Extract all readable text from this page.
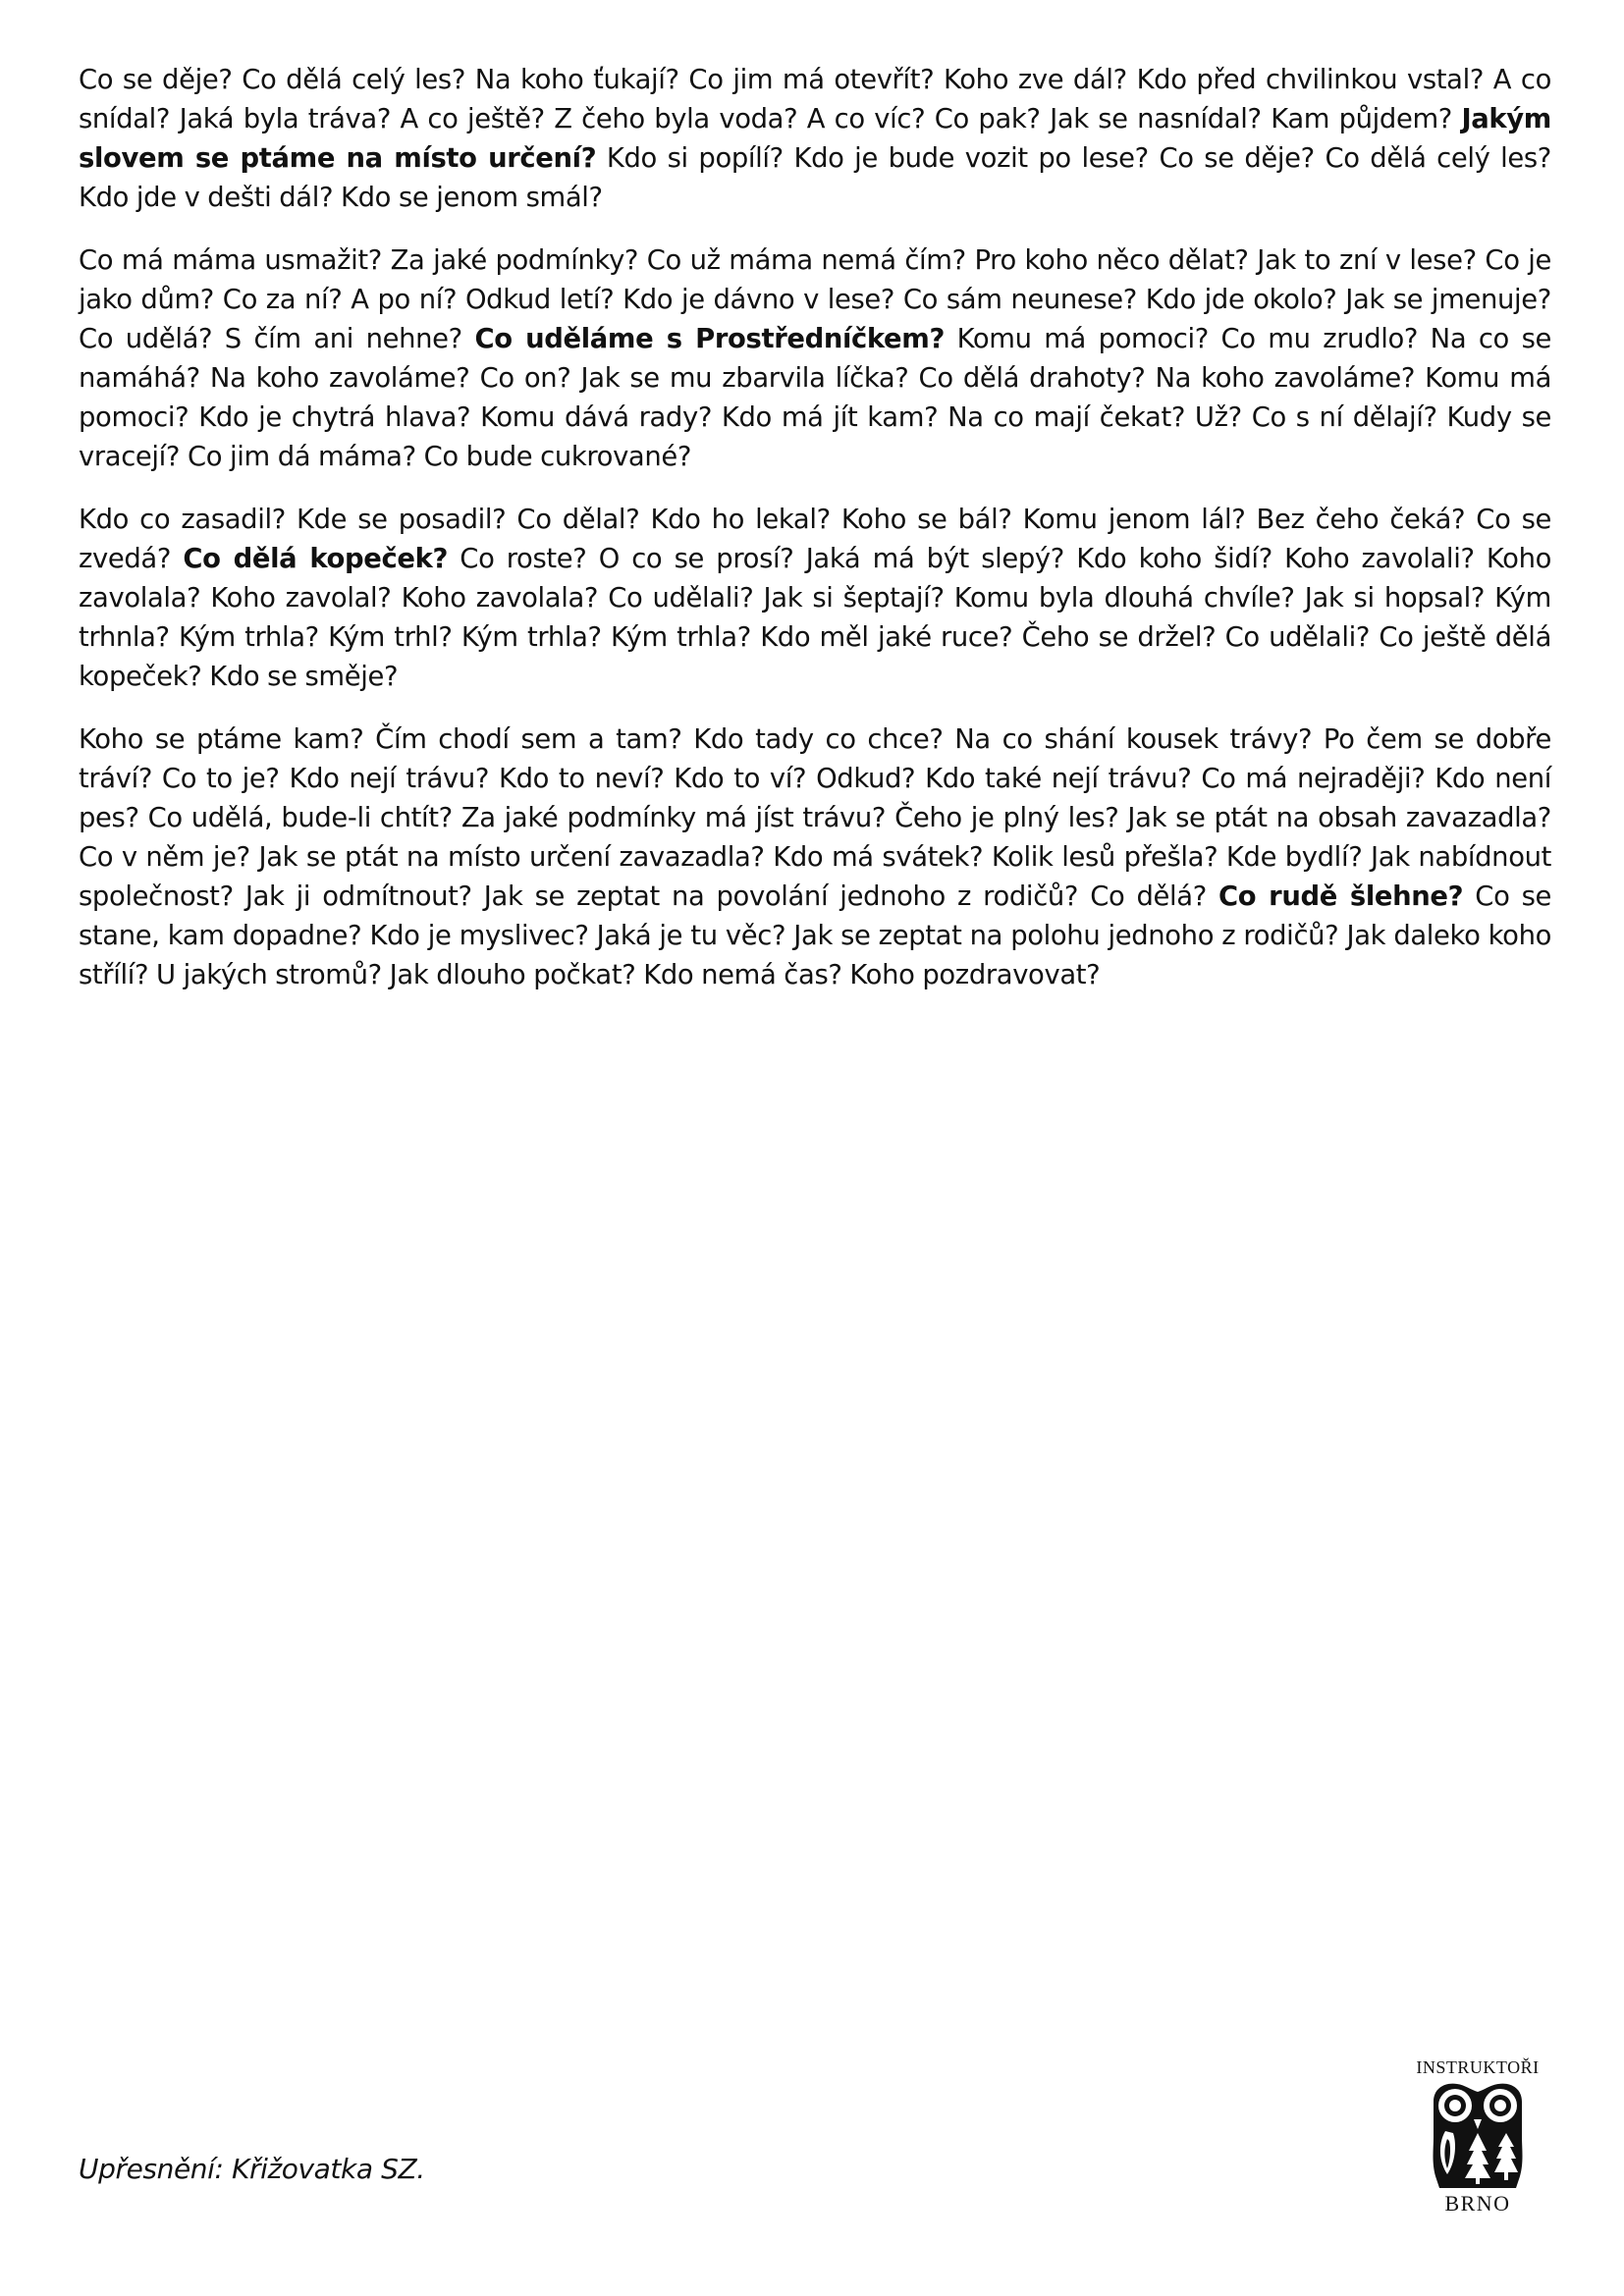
Co se děje? Co dělá celý les? Na koho ťukají? Co jim má otevřít? Koho zve dál? Kdo před chvilinkou vstal? A co snídal? Jaká byla tráva? A co ještě? Z čeho byla voda? A co víc? Co pak? Jak se nasnídal? Kam půjdem? Jakým slovem se ptáme na místo určení? Kdo si popílí? Kdo je bude vozit po lese? Co se děje? Co dělá celý les? Kdo jde v dešti dál? Kdo se jenom smál?

Co má máma usmažit? Za jaké podmínky? Co už máma nemá čím? Pro koho něco dělat? Jak to zní v lese? Co je jako dům? Co za ní? A po ní? Odkud letí? Kdo je dávno v lese? Co sám neunese? Kdo jde okolo? Jak se jmenuje? Co udělá? S čím ani nehne? Co uděláme s Prostředníčkem? Komu má pomoci? Co mu zrudlo? Na co se namáhá? Na koho zavoláme? Co on? Jak se mu zbarvila líčka? Co dělá drahoty? Na koho zavoláme? Komu má pomoci? Kdo je chytrá hlava? Komu dává rady? Kdo má jít kam? Na co mají čekat? Už? Co s ní dělají? Kudy se vracejí? Co jim dá máma? Co bude cukrované?

Kdo co zasadil? Kde se posadil? Co dělal? Kdo ho lekal? Koho se bál? Komu jenom lál? Bez čeho čeká? Co se zvedá? Co dělá kopeček? Co roste? O co se prosí? Jaká má být slepý? Kdo koho šidí? Koho zavolali? Koho zavolala? Koho zavolal? Koho zavolala? Co udělali? Jak si šeptají? Komu byla dlouhá chvíle? Jak si hopsal? Kým trhnla? Kým trhla? Kým trhl? Kým trhla? Kým trhla? Kdo měl jaké ruce? Čeho se držel? Co udělali? Co ještě dělá kopeček? Kdo se směje?

Koho se ptáme kam? Čím chodí sem a tam? Kdo tady co chce? Na co shání kousek trávy? Po čem se dobře tráví? Co to je? Kdo nejí trávu? Kdo to neví? Kdo to ví? Odkud? Kdo také nejí trávu? Co má nejraději? Kdo není pes? Co udělá, bude-li chtít? Za jaké podmínky má jíst trávu? Čeho je plný les? Jak se ptát na obsah zavazadla? Co v něm je? Jak se ptát na místo určení zavazadla? Kdo má svátek? Kolik lesů přešla? Kde bydlí? Jak nabídnout společnost? Jak ji odmítnout? Jak se zeptat na povolání jednoho z rodičů? Co dělá? Co rudě šlehne? Co se stane, kam dopadne? Kdo je myslivec? Jaká je tu věc? Jak se zeptat na polohu jednoho z rodičů? Jak daleko koho střílí? U jakých stromů? Jak dlouho počkat? Kdo nemá čas? Koho pozdravovat?

Upřesnění: Křižovatka SZ.
INSTRUKTOŘI
BRNO
